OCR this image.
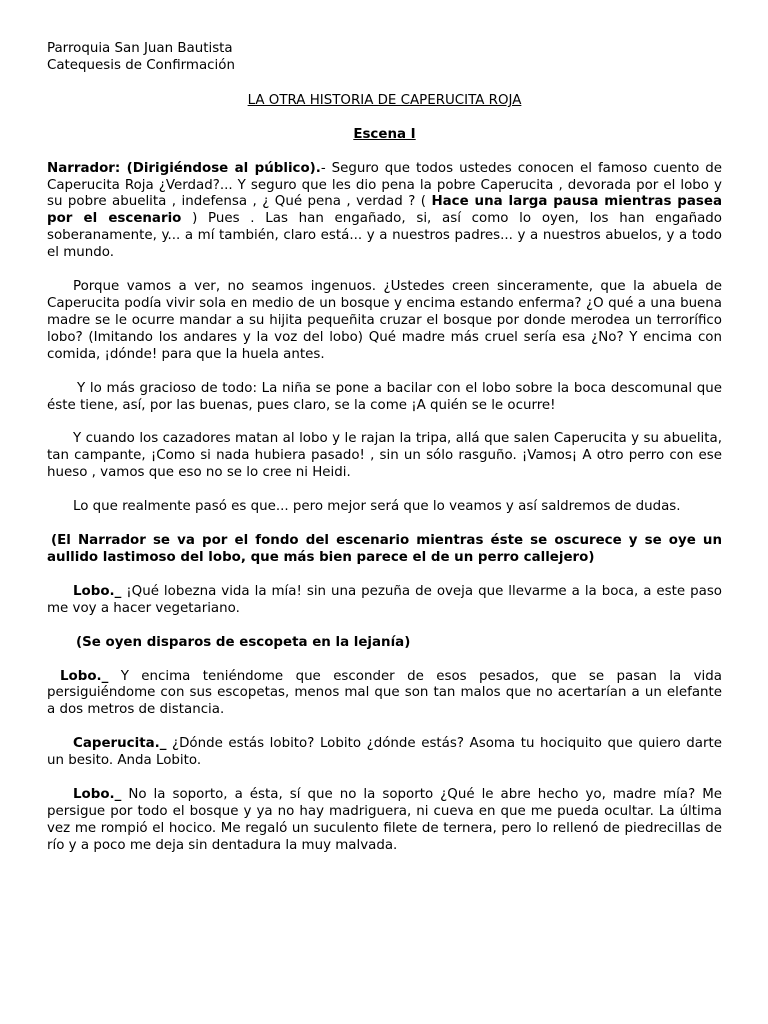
Parroquia San Juan Bautista
Catequesis de Confirmación
LA OTRA HISTORIA DE CAPERUCITA ROJA
Escena I

Narrador: (Dirigiéndose al público).- Seguro que todos ustedes conocen el famoso cuento de Caperucita Roja ¿Verdad?... Y seguro que les dio pena la pobre Caperucita , devorada por el lobo y su pobre abuelita , indefensa , ¿ Qué pena , verdad ? ( Hace una larga pausa mientras pasea por el escenario ) Pues . Las han engañado, si, así como lo oyen, los han engañado soberanamente, y... a mí también, claro está... y a nuestros padres... y a nuestros abuelos, y a todo el mundo.

Porque vamos a ver, no seamos ingenuos. ¿Ustedes creen sinceramente, que la abuela de Caperucita podía vivir sola en medio de un bosque y encima estando enferma? ¿O qué a una buena madre se le ocurre mandar a su hijita pequeñita cruzar el bosque por donde merodea un terrorífico lobo? (Imitando los andares y la voz del lobo) Qué madre más cruel sería esa ¿No? Y encima con comida, ¡dónde! para que la huela antes.

Y lo más gracioso de todo: La niña se pone a bacilar con el lobo sobre la boca descomunal que éste tiene, así, por las buenas, pues claro, se la come ¡A quién se le ocurre!

Y cuando los cazadores matan al lobo y le rajan la tripa, allá que salen Caperucita y su abuelita, tan campante, ¡Como si nada hubiera pasado! , sin un sólo rasguño. ¡Vamos¡ A otro perro con ese hueso , vamos que eso no se lo cree ni Heidi.

Lo que realmente pasó es que... pero mejor será que lo veamos y así saldremos de dudas.

(El Narrador se va por el fondo del escenario mientras éste se oscurece y se oye un aullido lastimoso del lobo, que más bien parece el de un perro callejero)

Lobo._ ¡Qué lobezna vida la mía! sin una pezuña de oveja que llevarme a la boca, a este paso me voy a hacer vegetariano.

(Se oyen disparos de escopeta en la lejanía)

Lobo._ Y encima teniéndome que esconder de esos pesados, que se pasan la vida persiguiéndome con sus escopetas, menos mal que son tan malos que no acertarían a un elefante a dos metros de distancia.

Caperucita._ ¿Dónde estás lobito? Lobito ¿dónde estás? Asoma tu hociquito que quiero darte un besito. Anda Lobito.

Lobo._ No la soporto, a ésta, sí que no la soporto ¿Qué le abre hecho yo, madre mía? Me persigue por todo el bosque y ya no hay madriguera, ni cueva en que me pueda ocultar. La última vez me rompió el hocico. Me regaló un suculento filete de ternera, pero lo rellenó de piedrecillas de río y a poco me deja sin dentadura la muy malvada.
